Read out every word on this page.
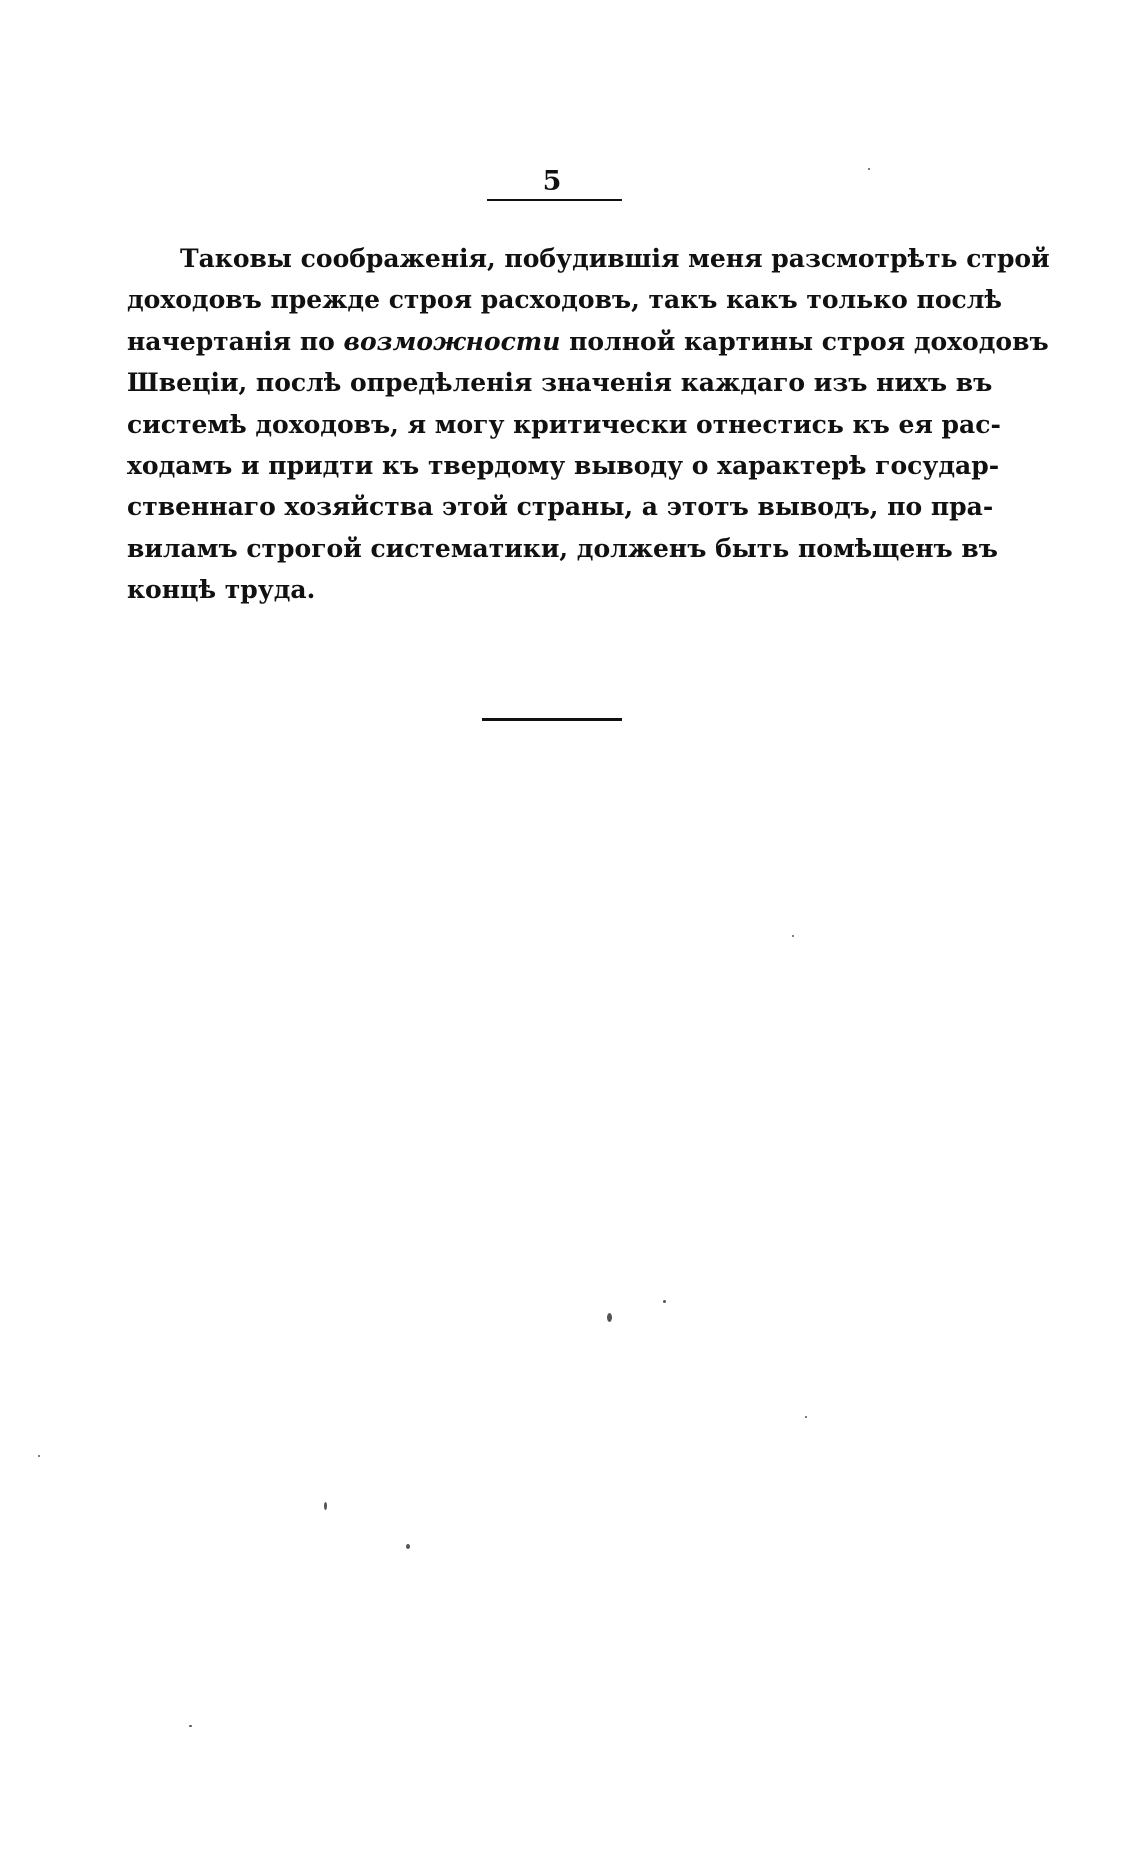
5
Таковы соображенія, побудившія меня разсмотрѣть строй
доходовъ прежде строя расходовъ, такъ какъ только послѣ
начертанія по возможности полной картины строя доходовъ
Швеціи, послѣ опредѣленія значенія каждаго изъ нихъ въ
системѣ доходовъ, я могу критически отнестись къ ея рас-
ходамъ и придти къ твердому выводу о характерѣ государ-
ственнаго хозяйства этой страны, а этотъ выводъ, по пра-
виламъ строгой систематики, долженъ быть помѣщенъ въ
концѣ труда.
